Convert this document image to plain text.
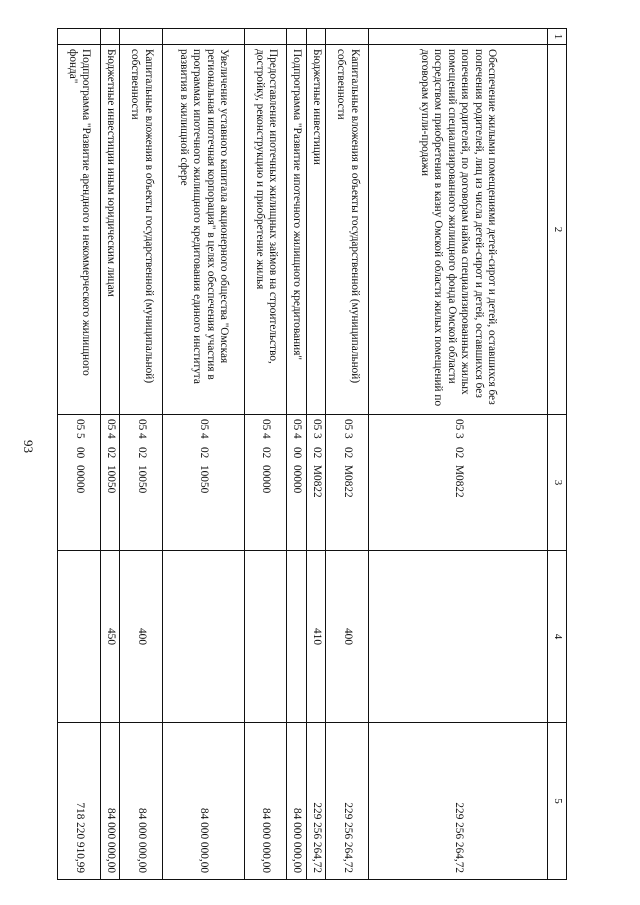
93
1	2	3	4	5
	Обеспечение жилыми помещениями детей-сирот и детей, оставшихся без попечения родителей, лиц из числа детей-сирот и детей, оставшихся без попечения родителей, по договорам найма специализированных жилых помещений специализированного жилищного фонда Омской области посредством приобретения в казну Омской области жилых помещений по договорам купли-продажи	05302М0822		229 256 264,72
	Капитальные вложения в объекты государственной (муниципальной) собственности	05302М0822	400	229 256 264,72
	Бюджетные инвестиции	05302М0822	410	229 256 264,72
	Подпрограмма "Развитие ипотечного жилищного кредитования"	0540000000		84 000 000,00
	Предоставление ипотечных жилищных займов на строительство, достройку, реконструкцию и приобретение жилья	0540200000		84 000 000,00
	Увеличение уставного капитала акционерного общества "Омская региональная ипотечная корпорация" в целях обеспечения участия в программах ипотечного жилищного кредитования единого института развития в жилищной сфере	0540210050		84 000 000,00
	Капитальные вложения в объекты государственной (муниципальной) собственности	0540210050	400	84 000 000,00
	Бюджетные инвестиции иным юридическим лицам	0540210050	450	84 000 000,00
	Подпрограмма "Развитие арендного и некоммерческого жилищного фонда"	0550000000		718 220 910,99
